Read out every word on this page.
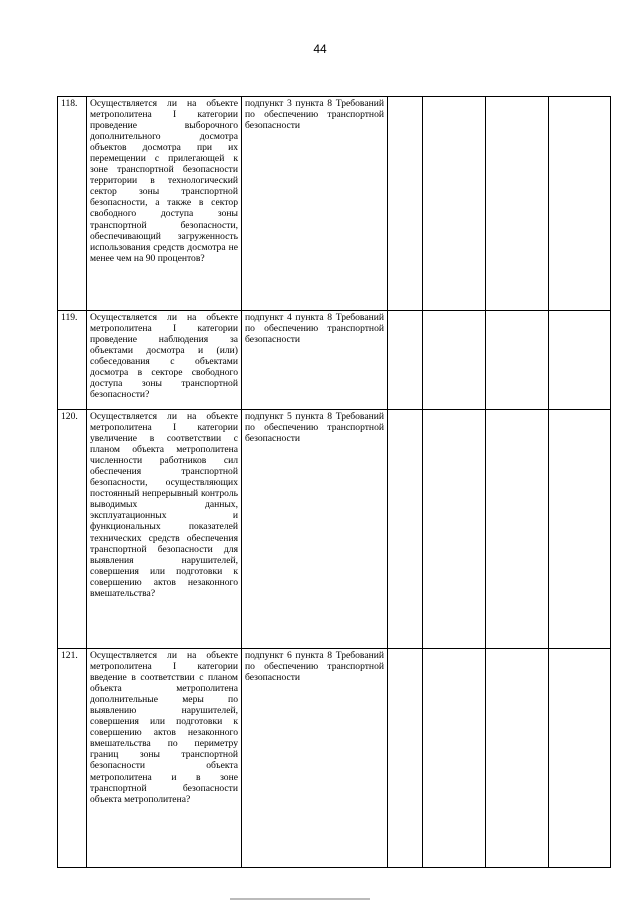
44
118.	Осуществляется ли на объекте метрополитена I категории проведение выборочного дополнительного досмотра объектов досмотра при их перемещении с прилегающей к зоне транспортной безопасности территории в технологический сектор зоны транспортной безопасности, а также в сектор свободного доступа зоны транспортной безопасности, обеспечивающий загруженность использования средств досмотра не менее чем на 90 процентов?	подпункт 3 пункта 8 Требований по обеспечению транспортной безопасности				
119.	Осуществляется ли на объекте метрополитена I категории проведение наблюдения за объектами досмотра и (или) собеседования с объектами досмотра в секторе свободного доступа зоны транспортной безопасности?	подпункт 4 пункта 8 Требований по обеспечению транспортной безопасности				
120.	Осуществляется ли на объекте метрополитена I категории увеличение в соответствии с планом объекта метрополитена численности работников сил обеспечения транспортной безопасности, осуществляющих постоянный непрерывный контроль выводимых данных, эксплуатационных и функциональных показателей технических средств обеспечения транспортной безопасности для выявления нарушителей, совершения или подготовки к совершению актов незаконного вмешательства?	подпункт 5 пункта 8 Требований по обеспечению транспортной безопасности				
121.	Осуществляется ли на объекте метрополитена I категории введение в соответствии с планом объекта метрополитена дополнительные меры по выявлению нарушителей, совершения или подготовки к совершению актов незаконного вмешательства по периметру границ зоны транспортной безопасности объекта метрополитена и в зоне транспортной безопасности объекта метрополитена?	подпункт 6 пункта 8 Требований по обеспечению транспортной безопасности				
